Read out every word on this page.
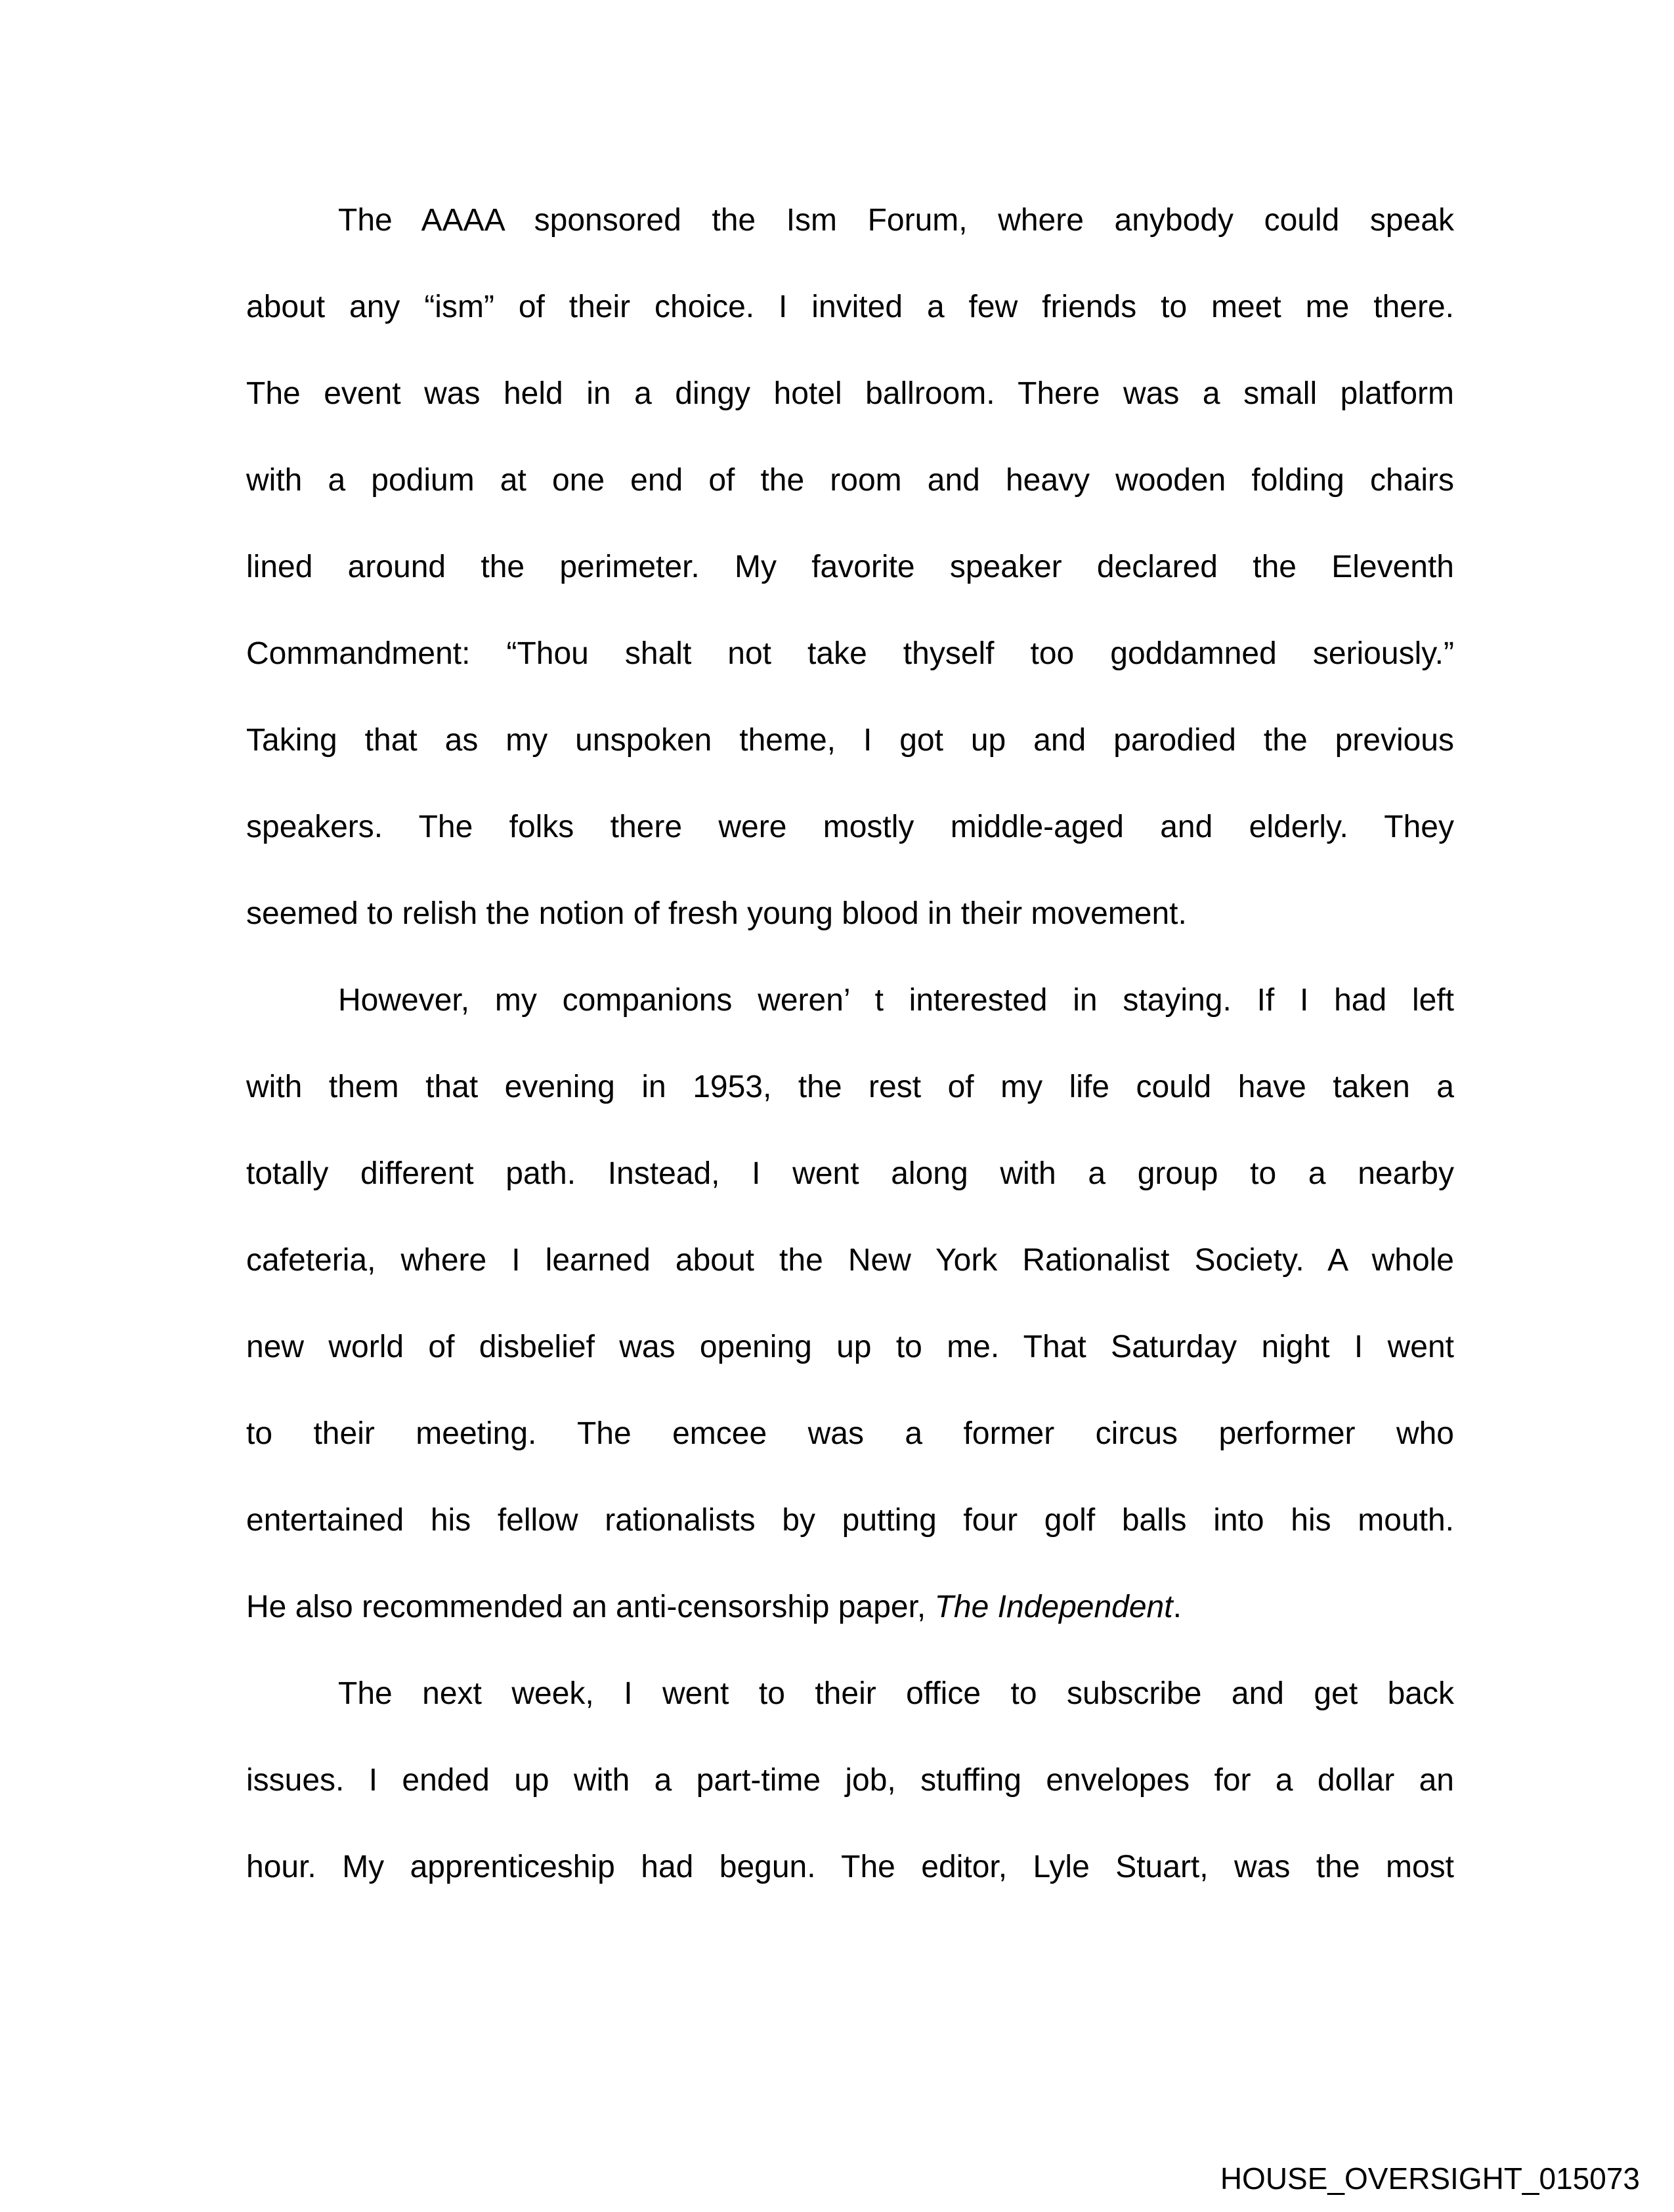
The AAAA sponsored the Ism Forum, where anybody could speak
about any “ism” of their choice. I invited a few friends to meet me there.
The event was held in a dingy hotel ballroom. There was a small platform
with a podium at one end of the room and heavy wooden folding chairs
lined around the perimeter. My favorite speaker declared the Eleventh
Commandment: “Thou shalt not take thyself too goddamned seriously.”
Taking that as my unspoken theme, I got up and parodied the previous
speakers. The folks there were mostly middle-aged and elderly. They
seemed to relish the notion of fresh young blood in their movement.
However, my companions weren’ t interested in staying. If I had left
with them that evening in 1953, the rest of my life could have taken a
totally different path. Instead, I went along with a group to a nearby
cafeteria, where I learned about the New York Rationalist Society. A whole
new world of disbelief was opening up to me. That Saturday night I went
to their meeting. The emcee was a former circus performer who
entertained his fellow rationalists by putting four golf balls into his mouth.
He also recommended an anti-censorship paper, The Independent.
The next week, I went to their office to subscribe and get back
issues. I ended up with a part-time job, stuffing envelopes for a dollar an
hour. My apprenticeship had begun. The editor, Lyle Stuart, was the most
HOUSE_OVERSIGHT_015073
